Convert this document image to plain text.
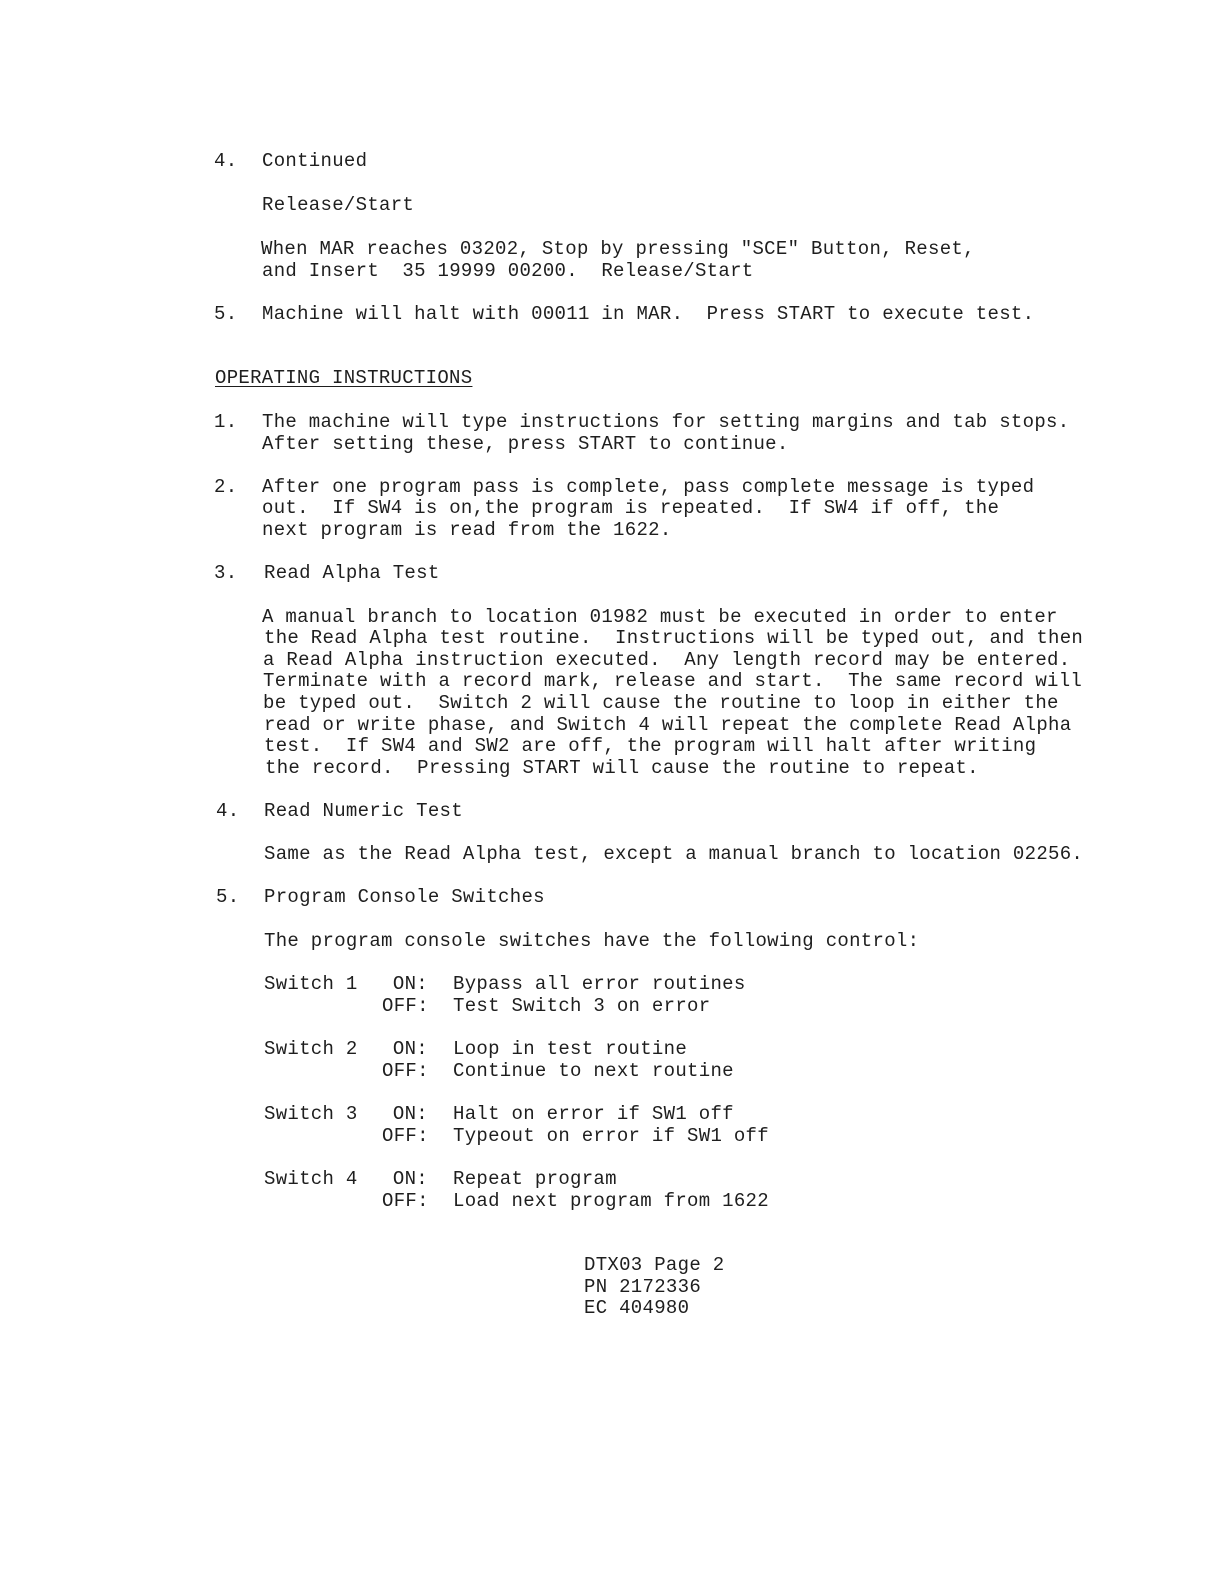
4. Continued
Release/Start
When MAR reaches 03202, Stop by pressing "SCE" Button, Reset,
and Insert  35 19999 00200.  Release/Start
5. Machine will halt with 00011 in MAR.  Press START to execute test.
OPERATING INSTRUCTIONS
1. The machine will type instructions for setting margins and tab stops.
After setting these, press START to continue.
2. After one program pass is complete, pass complete message is typed
out.  If SW4 is on,the program is repeated.  If SW4 if off, the
next program is read from the 1622.
3. Read Alpha Test
A manual branch to location 01982 must be executed in order to enter
the Read Alpha test routine.  Instructions will be typed out, and then
a Read Alpha instruction executed.  Any length record may be entered.
Terminate with a record mark, release and start.  The same record will
be typed out.  Switch 2 will cause the routine to loop in either the
read or write phase, and Switch 4 will repeat the complete Read Alpha
test.  If SW4 and SW2 are off, the program will halt after writing
the record.  Pressing START will cause the routine to repeat.
4. Read Numeric Test
Same as the Read Alpha test, except a manual branch to location 02256.
5. Program Console Switches
The program console switches have the following control:
Switch 1	ON: Bypass all error routines
OFF: Test Switch 3 on error
Switch 2	ON: Loop in test routine
OFF: Continue to next routine
Switch 3	ON: Halt on error if SW1 off
OFF: Typeout on error if SW1 off
Switch 4	ON: Repeat program
OFF: Load next program from 1622
DTX03 Page 2
PN 2172336
EC 404980
